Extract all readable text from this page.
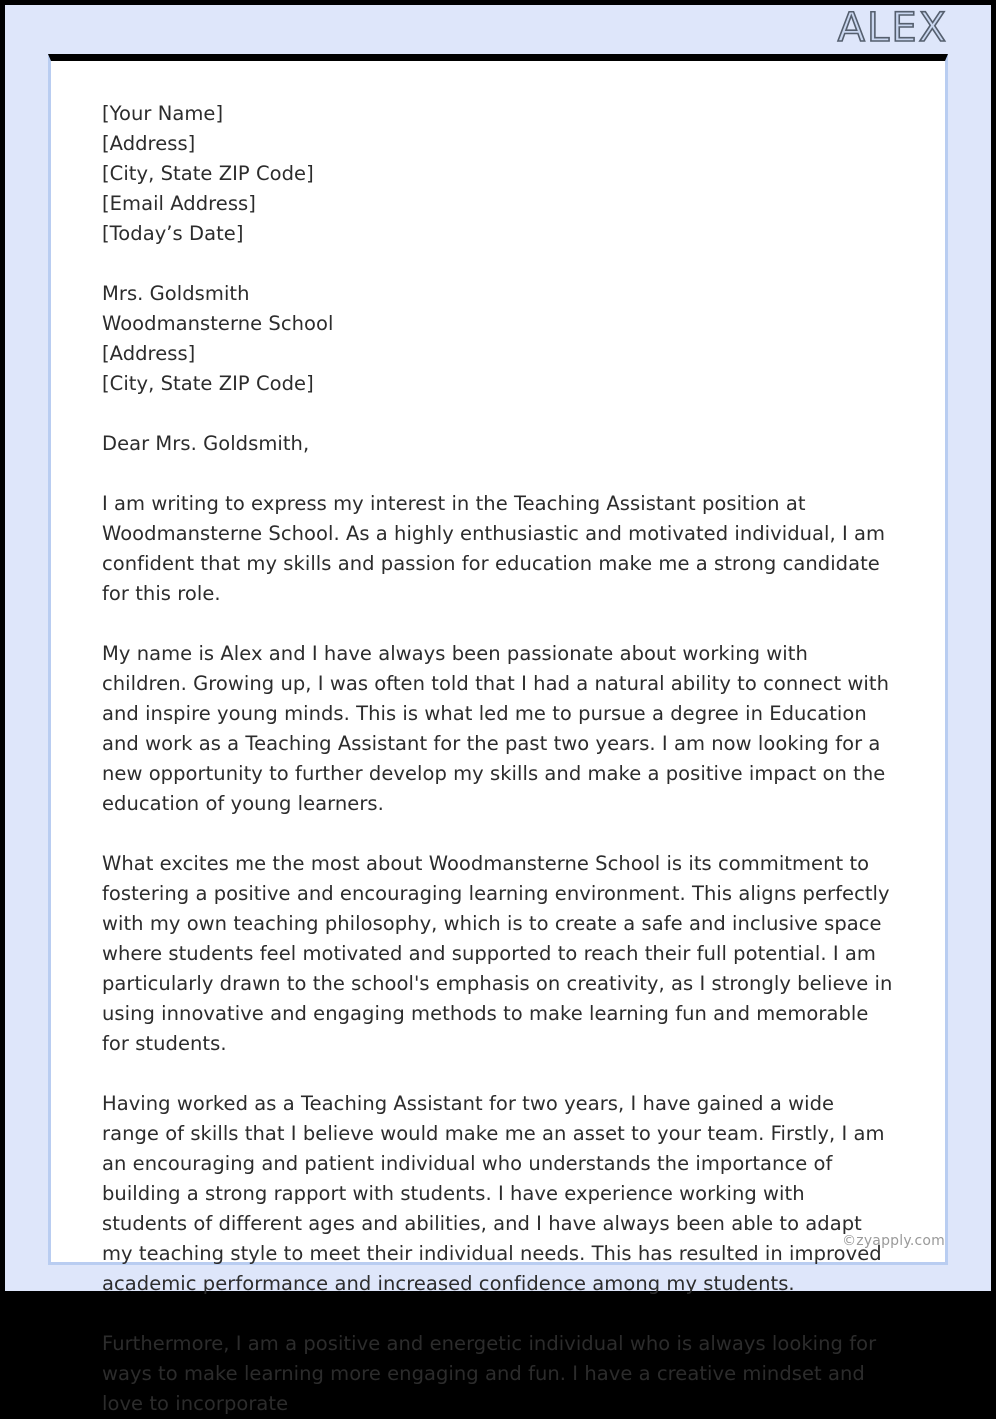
ALEX
[Your Name]
[Address]
[City, State ZIP Code]
[Email Address]
[Today’s Date]
Mrs. Goldsmith
Woodmansterne School
[Address]
[City, State ZIP Code]
Dear Mrs. Goldsmith,

I am writing to express my interest in the Teaching Assistant position at Woodmansterne School. As a highly enthusiastic and motivated individual, I am confident that my skills and passion for education make me a strong candidate for this role.

My name is Alex and I have always been passionate about working with children. Growing up, I was often told that I had a natural ability to connect with and inspire young minds. This is what led me to pursue a degree in Education and work as a Teaching Assistant for the past two years. I am now looking for a new opportunity to further develop my skills and make a positive impact on the education of young learners.

What excites me the most about Woodmansterne School is its commitment to fostering a positive and encouraging learning environment. This aligns perfectly with my own teaching philosophy, which is to create a safe and inclusive space where students feel motivated and supported to reach their full potential. I am particularly drawn to the school's emphasis on creativity, as I strongly believe in using innovative and engaging methods to make learning fun and memorable for students.

Having worked as a Teaching Assistant for two years, I have gained a wide range of skills that I believe would make me an asset to your team. Firstly, I am an encouraging and patient individual who understands the importance of building a strong rapport with students. I have experience working with students of different ages and abilities, and I have always been able to adapt my teaching style to meet their individual needs. This has resulted in improved academic performance and increased confidence among my students.

Furthermore, I am a positive and energetic individual who is always looking for ways to make learning more engaging and fun. I have a creative mindset and love to incorporate

©zyapply.com
